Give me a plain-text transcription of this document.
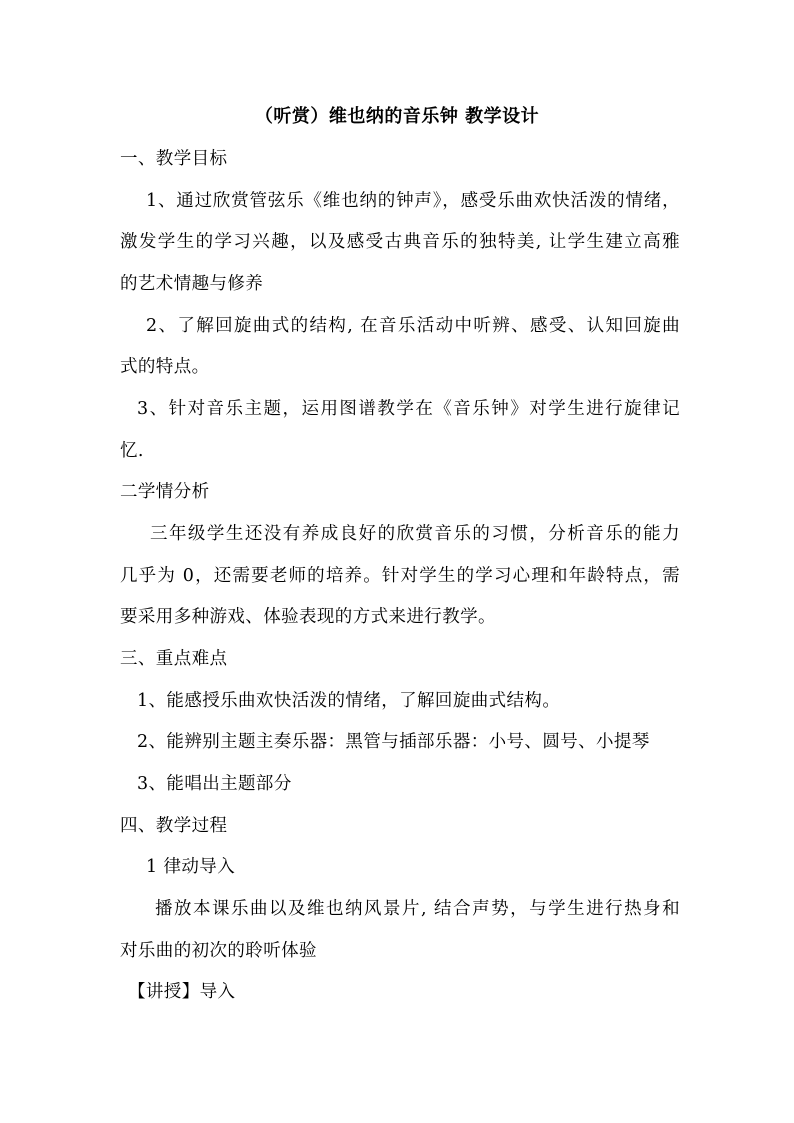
（听赏）维也纳的音乐钟 教学设计
一、教学目标
1、通过欣赏管弦乐《维也纳的钟声》，感受乐曲欢快活泼的情绪，
激发学生的学习兴趣，以及感受古典音乐的独特美, 让学生建立高雅
的艺术情趣与修养
2、了解回旋曲式的结构, 在音乐活动中听辨、感受、认知回旋曲
式的特点。
3、针对音乐主题，运用图谱教学在《音乐钟》对学生进行旋律记
忆.
二学情分析
三年级学生还没有养成良好的欣赏音乐的习惯，分析音乐的能力
几乎为 0，还需要老师的培养。针对学生的学习心理和年龄特点，需
要采用多种游戏、体验表现的方式来进行教学。
三、重点难点
1、能感授乐曲欢快活泼的情绪，了解回旋曲式结构。
2、能辨别主题主奏乐器：黑管与插部乐器：小号、圆号、小提琴
3、能唱出主题部分
四、教学过程
1 律动导入
播放本课乐曲以及维也纳风景片, 结合声势，与学生进行热身和
对乐曲的初次的聆听体验
【讲授】导入
